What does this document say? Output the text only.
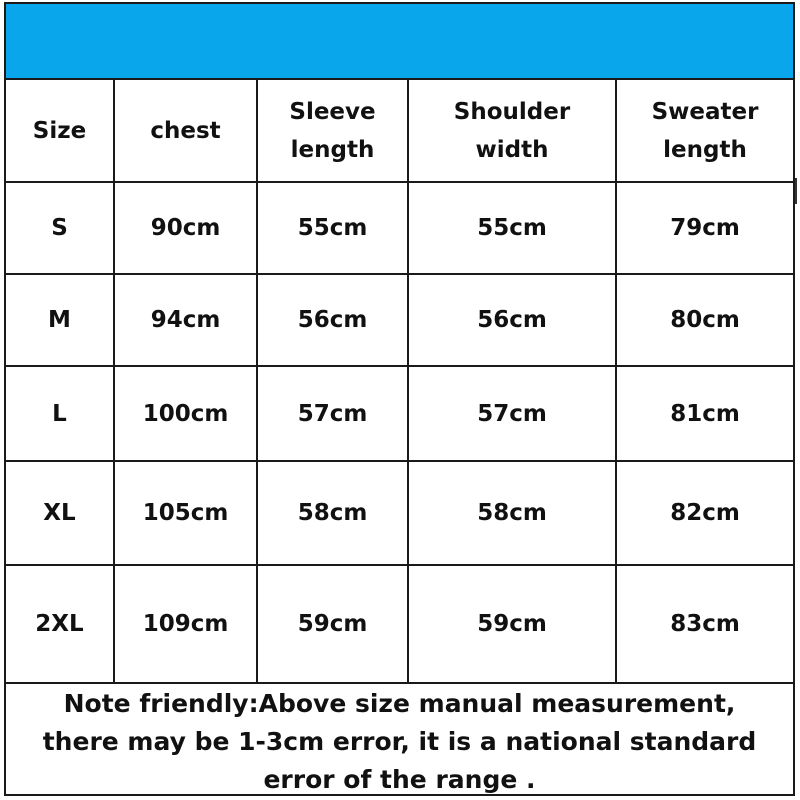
Size	chest	Sleeve length	Shoulder width	Sweater length

S	90cm	55cm	55cm	79cm
M	94cm	56cm	56cm	80cm
L	100cm	57cm	57cm	81cm
XL	105cm	58cm	58cm	82cm
2XL	109cm	59cm	59cm	83cm
Note friendly:Above size manual measurement,
there may be 1-3cm error, it is a national standard
error of the range .
